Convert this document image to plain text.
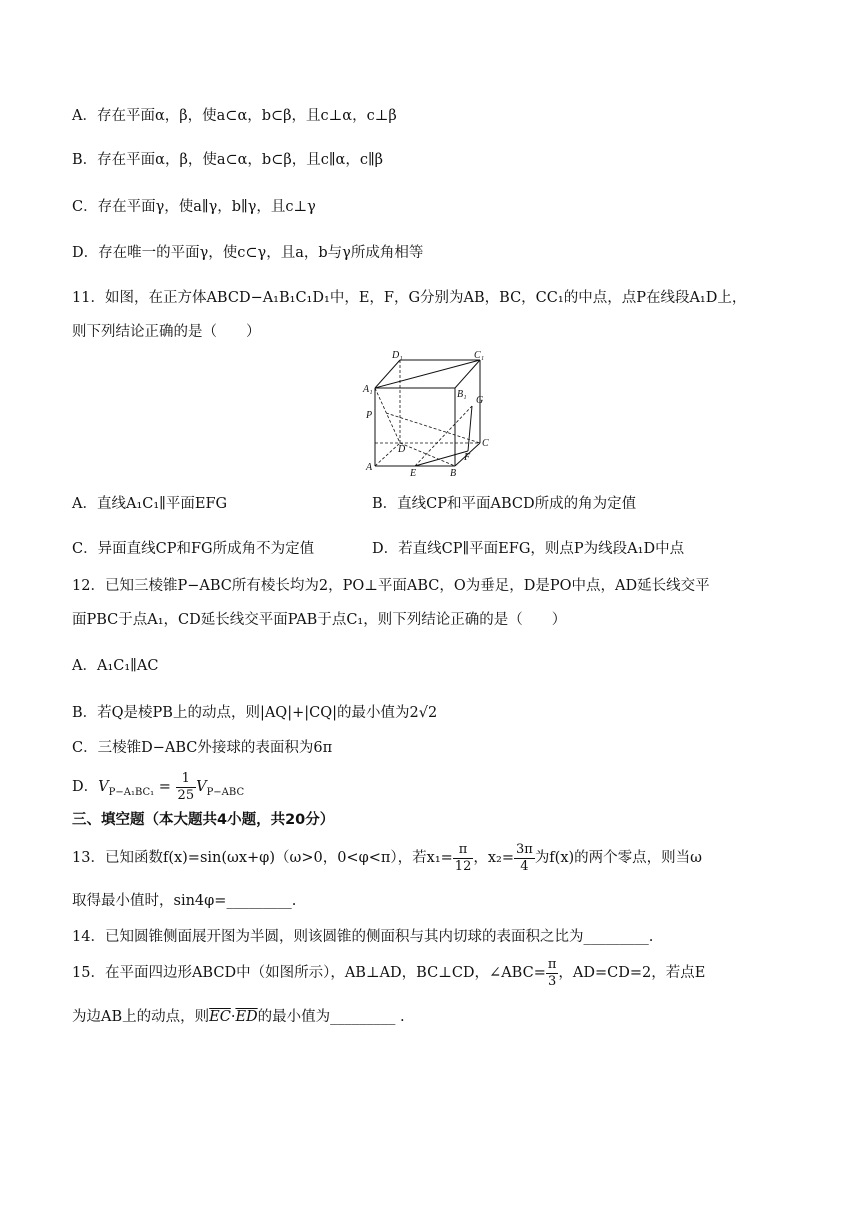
A．存在平面α，β，使a⊂α，b⊂β，且c⊥α，c⊥β
B．存在平面α，β，使a⊂α，b⊂β，且c∥α，c∥β
C．存在平面γ，使a∥γ，b∥γ，且c⊥γ
D．存在唯一的平面γ，使c⊂γ，且a，b与γ所成角相等
11．如图，在正方体ABCD−A₁B₁C₁D₁中，E，F，G分别为AB，BC，CC₁的中点，点P在线段A₁D上，
则下列结论正确的是（　　）
D₁	C₁
A₁	B₁
G
P
D
C
F
A
E	B
A．直线A₁C₁∥平面EFG	B．直线CP和平面ABCD所成的角为定值
C．异面直线CP和FG所成角不为定值	D．若直线CP∥平面EFG，则点P为线段A₁D中点
12．已知三棱锥P−ABC所有棱长均为2，PO⊥平面ABC，O为垂足，D是PO中点，AD延长线交平
面PBC于点A₁，CD延长线交平面PAB于点C₁，则下列结论正确的是（　　）
A．A₁C₁∥AC
B．若Q是棱PB上的动点，则|AQ|+|CQ|的最小值为2√2
C．三棱锥D−ABC外接球的表面积为6π
D．$V_{P-A_1BC_1} = \frac{1}{25} V_{P-ABC}$
三、填空题（本大题共4小题，共20分）
13．已知函数f(x)=sin(ωx+φ)（ω>0，0<φ<π），若$x_1= \frac{\pi}{12}$ ，$x_2= \frac{3\pi}{4}$ 为f(x)的两个零点，则当ω
取得最小值时，sin4φ=_________.
14．已知圆锥侧面展开图为半圆，则该圆锥的侧面积与其内切球的表面积之比为_________.
15．在平面四边形ABCD中（如图所示），AB⊥AD，BC⊥CD，∠ABC= $\frac{\pi}{3}$ ，AD=CD=2，若点E
为边AB上的动点，则$\overline{EC}\cdot\overline{ED}$的最小值为_________ .
